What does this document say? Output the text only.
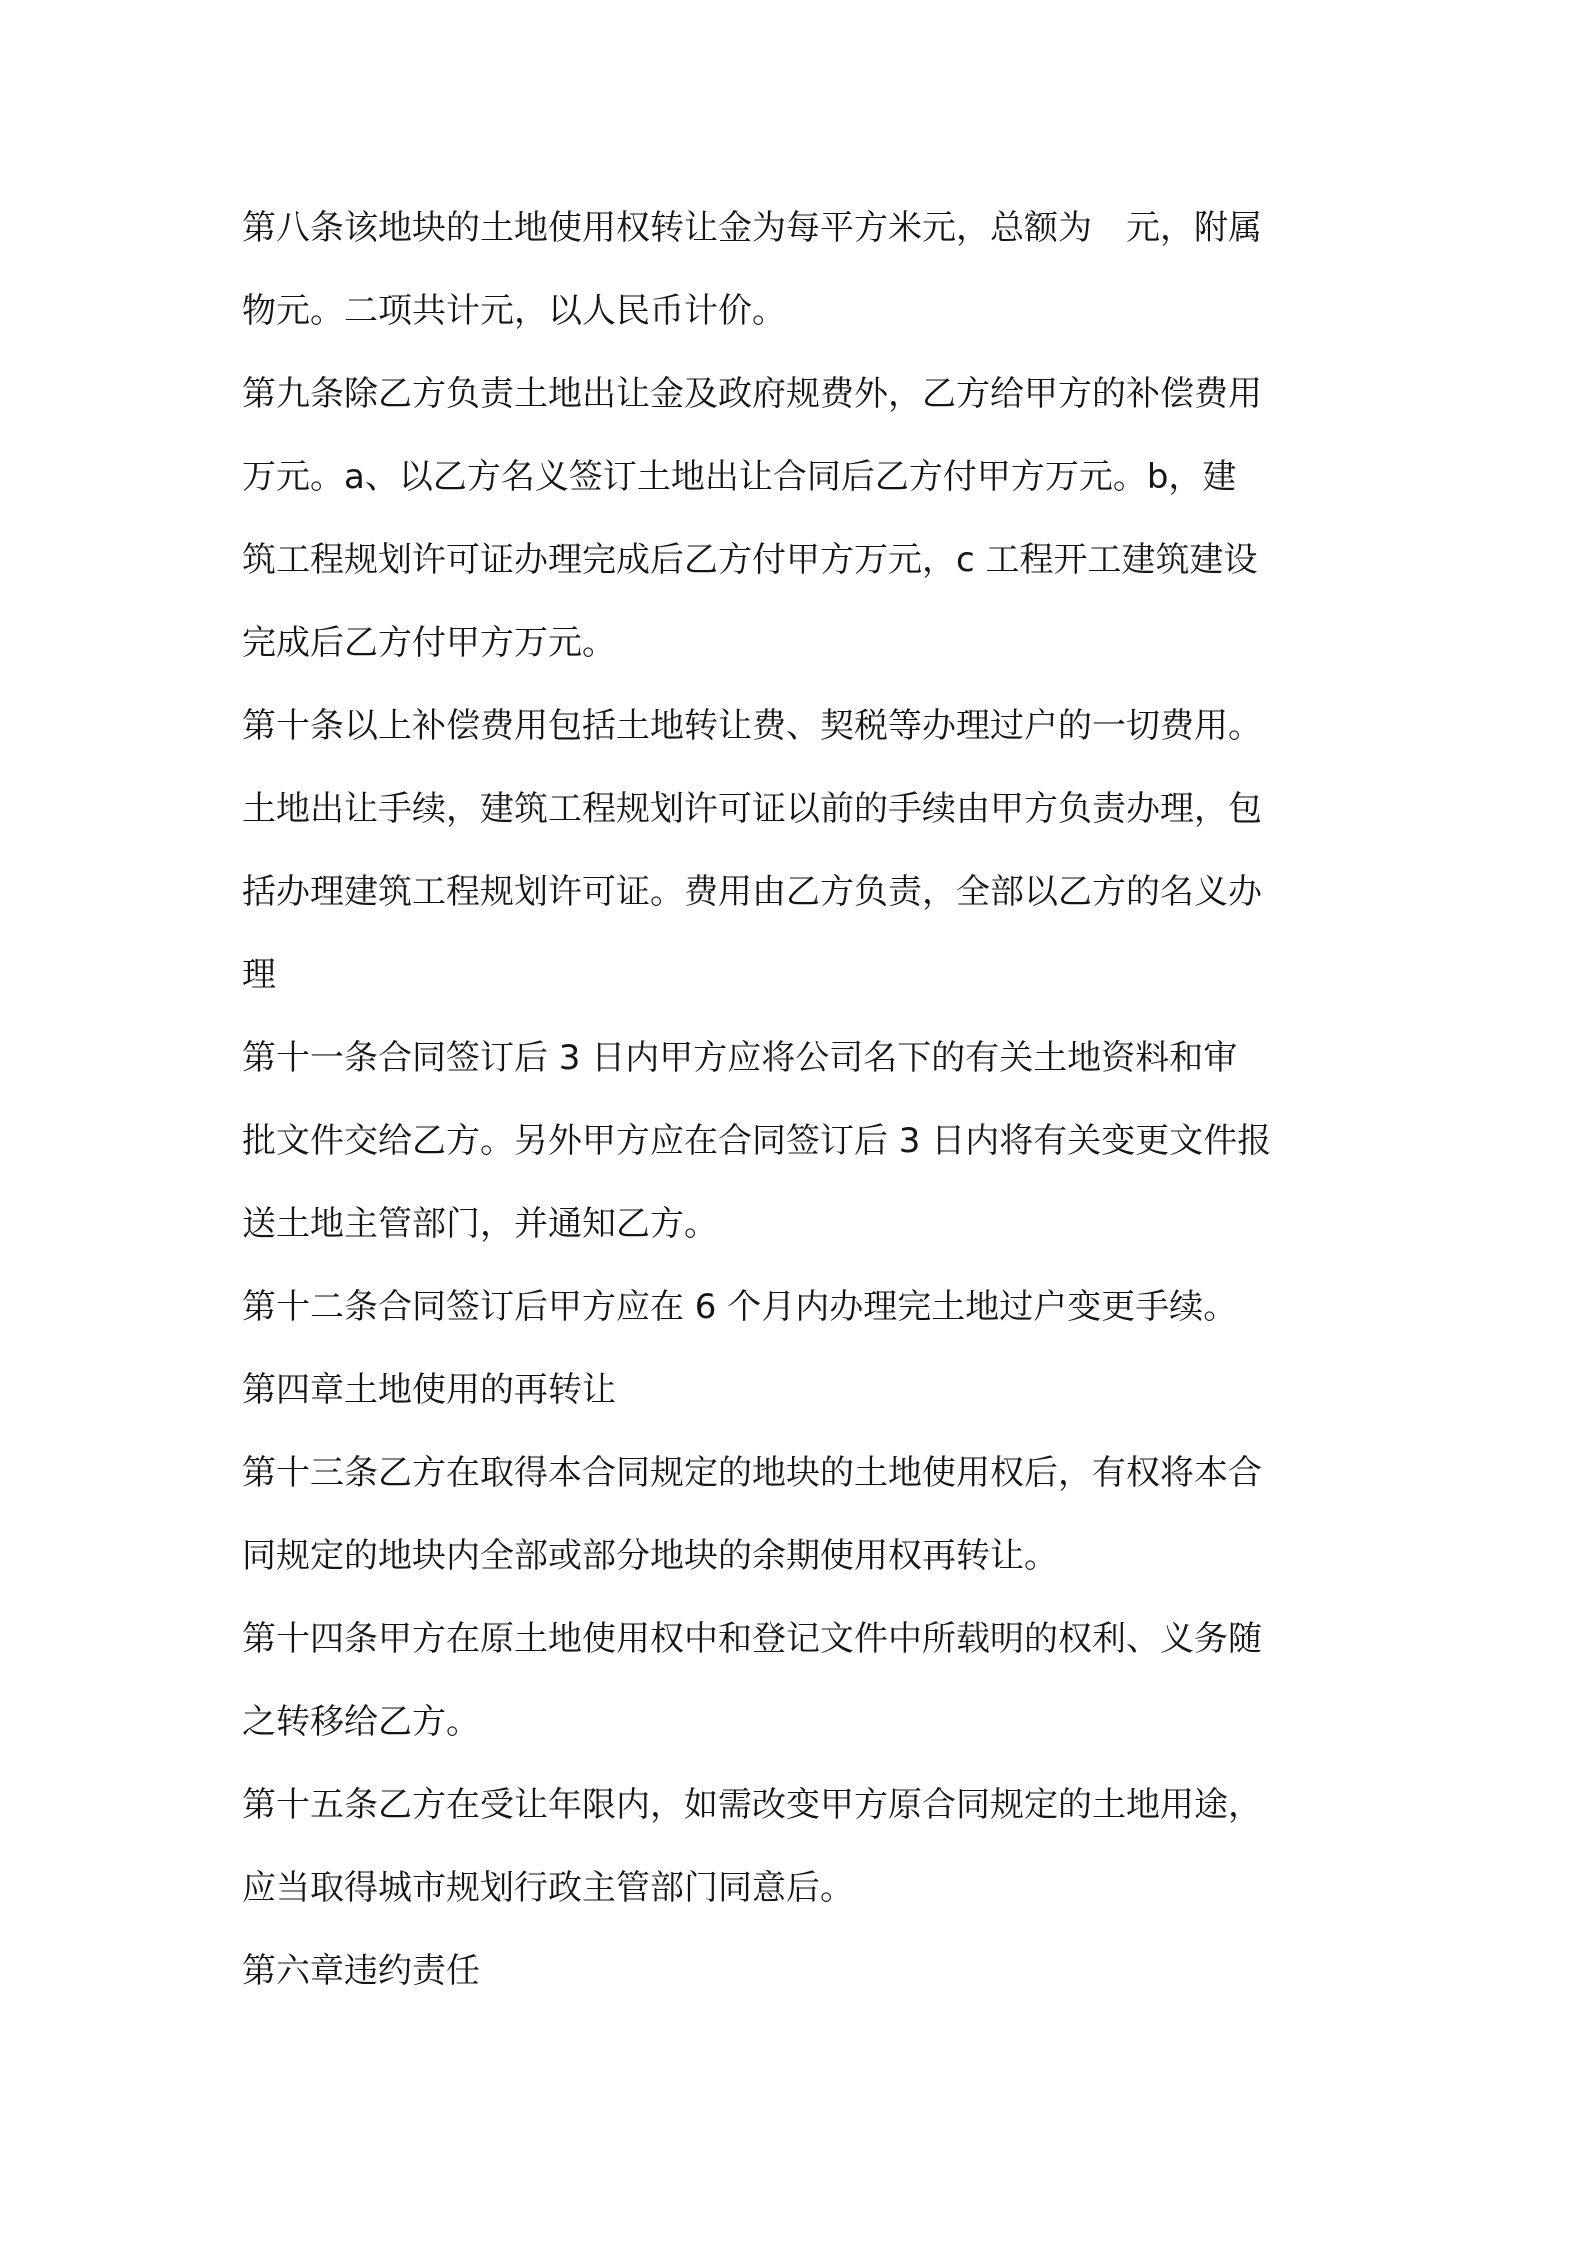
第八条该地块的土地使用权转让金为每平方米元，总额为　元，附属
物元。二项共计元，以人民币计价。
第九条除乙方负责土地出让金及政府规费外，乙方给甲方的补偿费用
万元。a、以乙方名义签订土地出让合同后乙方付甲方万元。b，建
筑工程规划许可证办理完成后乙方付甲方万元，c 工程开工建筑建设
完成后乙方付甲方万元。
第十条以上补偿费用包括土地转让费、契税等办理过户的一切费用。
土地出让手续，建筑工程规划许可证以前的手续由甲方负责办理，包
括办理建筑工程规划许可证。费用由乙方负责，全部以乙方的名义办
理
第十一条合同签订后 3 日内甲方应将公司名下的有关土地资料和审
批文件交给乙方。另外甲方应在合同签订后 3 日内将有关变更文件报
送土地主管部门，并通知乙方。
第十二条合同签订后甲方应在 6 个月内办理完土地过户变更手续。
第四章土地使用的再转让
第十三条乙方在取得本合同规定的地块的土地使用权后，有权将本合
同规定的地块内全部或部分地块的余期使用权再转让。
第十四条甲方在原土地使用权中和登记文件中所载明的权利、义务随
之转移给乙方。
第十五条乙方在受让年限内，如需改变甲方原合同规定的土地用途，
应当取得城市规划行政主管部门同意后。
第六章违约责任
